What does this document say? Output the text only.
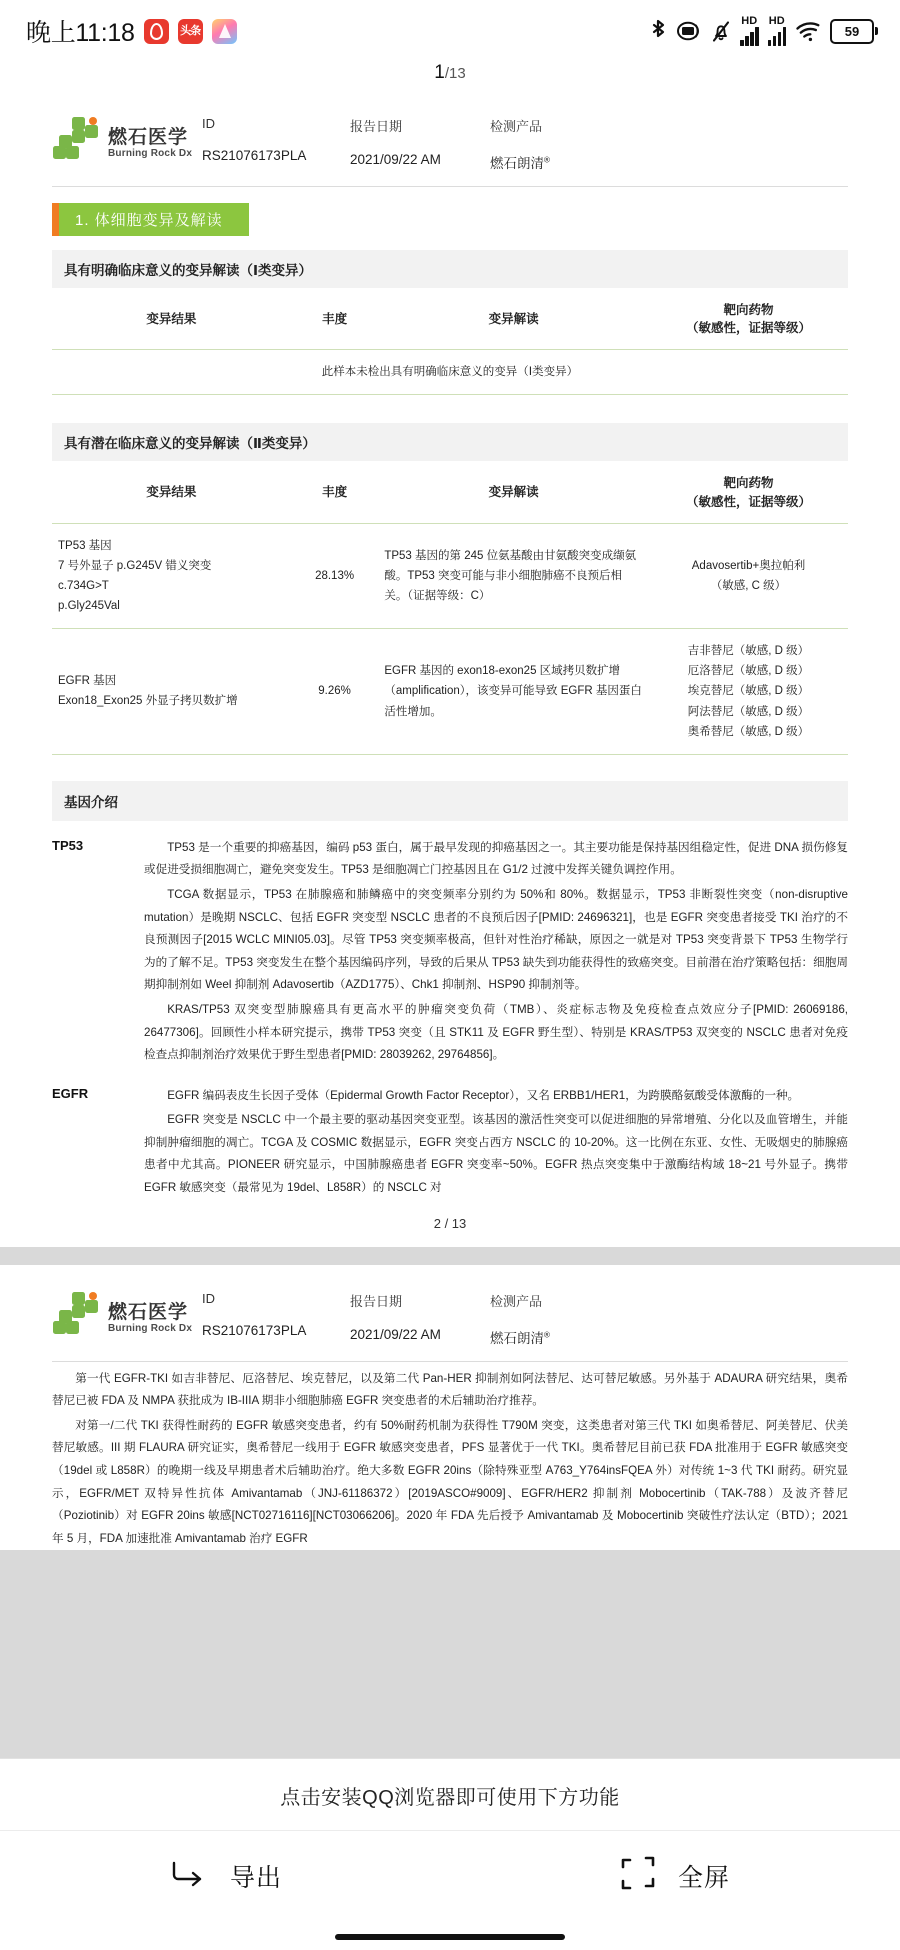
晚上11:18	头条
HD HD
59
1/13
燃石医学
Burning Rock Dx
ID
RS21076173PLA
报告日期
2021/09/22 AM
检测产品
燃石朗清®
1. 体细胞变异及解读
具有明确临床意义的变异解读（Ⅰ类变异）
变异结果	丰度	变异解读	靶向药物
（敏感性，证据等级）
此样本未检出具有明确临床意义的变异（Ⅰ类变异）
具有潜在临床意义的变异解读（Ⅱ类变异）
变异结果	丰度	变异解读	靶向药物
（敏感性，证据等级）

TP53 基因
7 号外显子 p.G245V 错义突变
c.734G>T
p.Gly245Val	28.13%	TP53 基因的第 245 位氨基酸由甘氨酸突变成缬氨酸。TP53 突变可能与非小细胞肺癌不良预后相关。（证据等级：C）	Adavosertib+奥拉帕利
（敏感, C 级）

EGFR 基因
Exon18_Exon25 外显子拷贝数扩增	9.26%	EGFR 基因的 exon18-exon25 区域拷贝数扩增（amplification），该变异可能导致 EGFR 基因蛋白活性增加。	吉非替尼（敏感, D 级）
厄洛替尼（敏感, D 级）
埃克替尼（敏感, D 级）
阿法替尼（敏感, D 级）
奥希替尼（敏感, D 级）
基因介绍
TP53	TP53 是一个重要的抑癌基因，编码 p53 蛋白，属于最早发现的抑癌基因之一。其主要功能是保持基因组稳定性，促进 DNA 损伤修复或促进受损细胞凋亡，避免突变发生。TP53 是细胞凋亡门控基因且在 G1/2 过渡中发挥关键负调控作用。

TCGA 数据显示，TP53 在肺腺癌和肺鳞癌中的突变频率分别约为 50%和 80%。数据显示，TP53 非断裂性突变（non-disruptive mutation）是晚期 NSCLC、包括 EGFR 突变型 NSCLC 患者的不良预后因子[PMID: 24696321]，也是 EGFR 突变患者接受 TKI 治疗的不良预测因子[2015 WCLC MINI05.03]。尽管 TP53 突变频率极高，但针对性治疗稀缺，原因之一就是对 TP53 突变背景下 TP53 生物学行为的了解不足。TP53 突变发生在整个基因编码序列，导致的后果从 TP53 缺失到功能获得性的致癌突变。目前潜在治疗策略包括：细胞周期抑制剂如 Weel 抑制剂 Adavosertib（AZD1775）、Chk1 抑制剂、HSP90 抑制剂等。

KRAS/TP53 双突变型肺腺癌具有更高水平的肿瘤突变负荷（TMB）、炎症标志物及免疫检查点效应分子[PMID: 26069186, 26477306]。回顾性小样本研究提示，携带 TP53 突变（且 STK11 及 EGFR 野生型）、特别是 KRAS/TP53 双突变的 NSCLC 患者对免疫检查点抑制剂治疗效果优于野生型患者[PMID: 28039262, 29764856]。

EGFR	EGFR 编码表皮生长因子受体（Epidermal Growth Factor Receptor），又名 ERBB1/HER1，为跨膜酪氨酸受体激酶的一种。

EGFR 突变是 NSCLC 中一个最主要的驱动基因突变亚型。该基因的激活性突变可以促进细胞的异常增殖、分化以及血管增生，并能抑制肿瘤细胞的凋亡。TCGA 及 COSMIC 数据显示，EGFR 突变占西方 NSCLC 的 10-20%。这一比例在东亚、女性、无吸烟史的肺腺癌患者中尤其高。PIONEER 研究显示，中国肺腺癌患者 EGFR 突变率~50%。EGFR 热点突变集中于激酶结构域 18~21 号外显子。携带 EGFR 敏感突变（最常见为 19del、L858R）的 NSCLC 对

2 / 13
燃石医学
Burning Rock Dx
ID
RS21076173PLA
报告日期
2021/09/22 AM
检测产品
燃石朗清®

第一代 EGFR-TKI 如吉非替尼、厄洛替尼、埃克替尼，以及第二代 Pan-HER 抑制剂如阿法替尼、达可替尼敏感。另外基于 ADAURA 研究结果，奥希替尼已被 FDA 及 NMPA 获批成为 IB-IIIA 期非小细胞肺癌 EGFR 突变患者的术后辅助治疗推荐。

对第一/二代 TKI 获得性耐药的 EGFR 敏感突变患者，约有 50%耐药机制为获得性 T790M 突变，这类患者对第三代 TKI 如奥希替尼、阿美替尼、伏美替尼敏感。III 期 FLAURA 研究证实，奥希替尼一线用于 EGFR 敏感突变患者，PFS 显著优于一代 TKI。奥希替尼目前已获 FDA 批准用于 EGFR 敏感突变（19del 或 L858R）的晚期一线及早期患者术后辅助治疗。绝大多数 EGFR 20ins（除特殊亚型 A763_Y764insFQEA 外）对传统 1~3 代 TKI 耐药。研究显示，EGFR/MET 双特异性抗体 Amivantamab（JNJ-61186372）[2019ASCO#9009]、EGFR/HER2 抑制剂 Mobocertinib（TAK-788）及波齐替尼（Poziotinib）对 EGFR 20ins 敏感[NCT02716116][NCT03066206]。2020 年 FDA 先后授予 Amivantamab 及 Mobocertinib 突破性疗法认定（BTD）；2021 年 5 月，FDA 加速批准 Amivantamab 治疗 EGFR

点击安装QQ浏览器即可使用下方功能
导出	全屏
